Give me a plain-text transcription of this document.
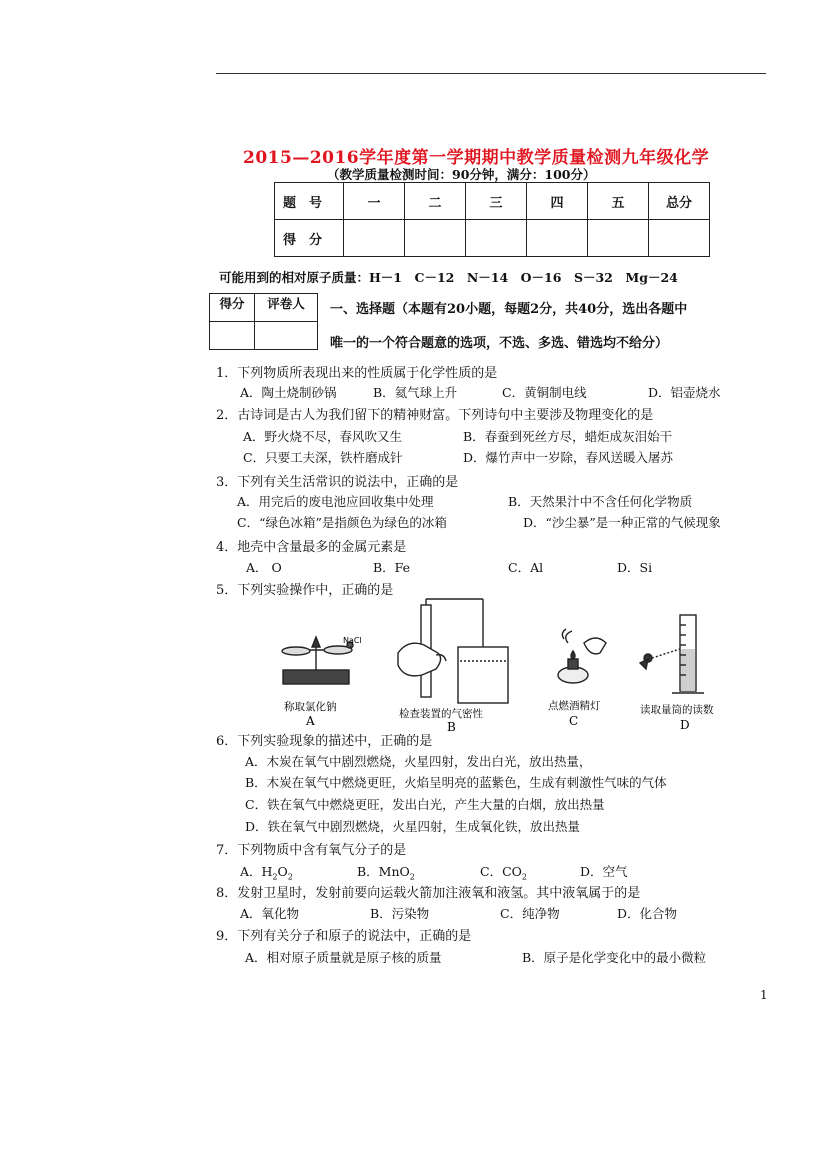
2015—2016学年度第一学期期中教学质量检测九年级化学
（教学质量检测时间：90分钟，满分：100分）
题　号	一	二	三	四	五	总分
得　分						
可能用到的相对原子质量：H－1　C－12　N－14　O－16　S－32　Mg－24
得分	评卷人
	一、选择题（本题有20小题，每题2分，共40分，选出各题中
唯一的一个符合题意的选项，不选、多选、错选均不给分）
1．下列物质所表现出来的性质属于化学性质的是
A．陶土烧制砂锅	B．氦气球上升	C．黄铜制电线	D．铝壶烧水
2．古诗词是古人为我们留下的精神财富。下列诗句中主要涉及物理变化的是
A．野火烧不尽，春风吹又生	B．春蚕到死丝方尽，蜡炬成灰泪始干
C．只要工夫深，铁杵磨成针	D．爆竹声中一岁除，春风送暖入屠苏
3．下列有关生活常识的说法中，正确的是
A．用完后的废电池应回收集中处理	B．天然果汁中不含任何化学物质
C．“绿色冰箱”是指颜色为绿色的冰箱	D．“沙尘暴”是一种正常的气候现象
4．地壳中含量最多的金属元素是
A． O	B．Fe	C．Al	D．Si
5．下列实验操作中，正确的是
NaCl
称取氯化钠
A	检查装置的气密性
B
点燃酒精灯
C
读取量筒的读数
D
6．下列实验现象的描述中，正确的是
A．木炭在氧气中剧烈燃烧，火星四射，发出白光，放出热量，
B．木炭在氧气中燃烧更旺，火焰呈明亮的蓝紫色，生成有刺激性气味的气体
C．铁在氧气中燃烧更旺，发出白光，产生大量的白烟，放出热量
D．铁在氧气中剧烈燃烧，火星四射，生成氧化铁，放出热量
7．下列物质中含有氧气分子的是
A．$H_2O_2$	B．MnO$_2$	C．$CO_2$	D．空气
8．发射卫星时，发射前要向运载火箭加注液氧和液氢。其中液氧属于的是
A．氧化物	B．污染物	C．纯净物	D．化合物
9．下列有关分子和原子的说法中，正确的是
A．相对原子质量就是原子核的质量	B．原子是化学变化中的最小微粒
1
